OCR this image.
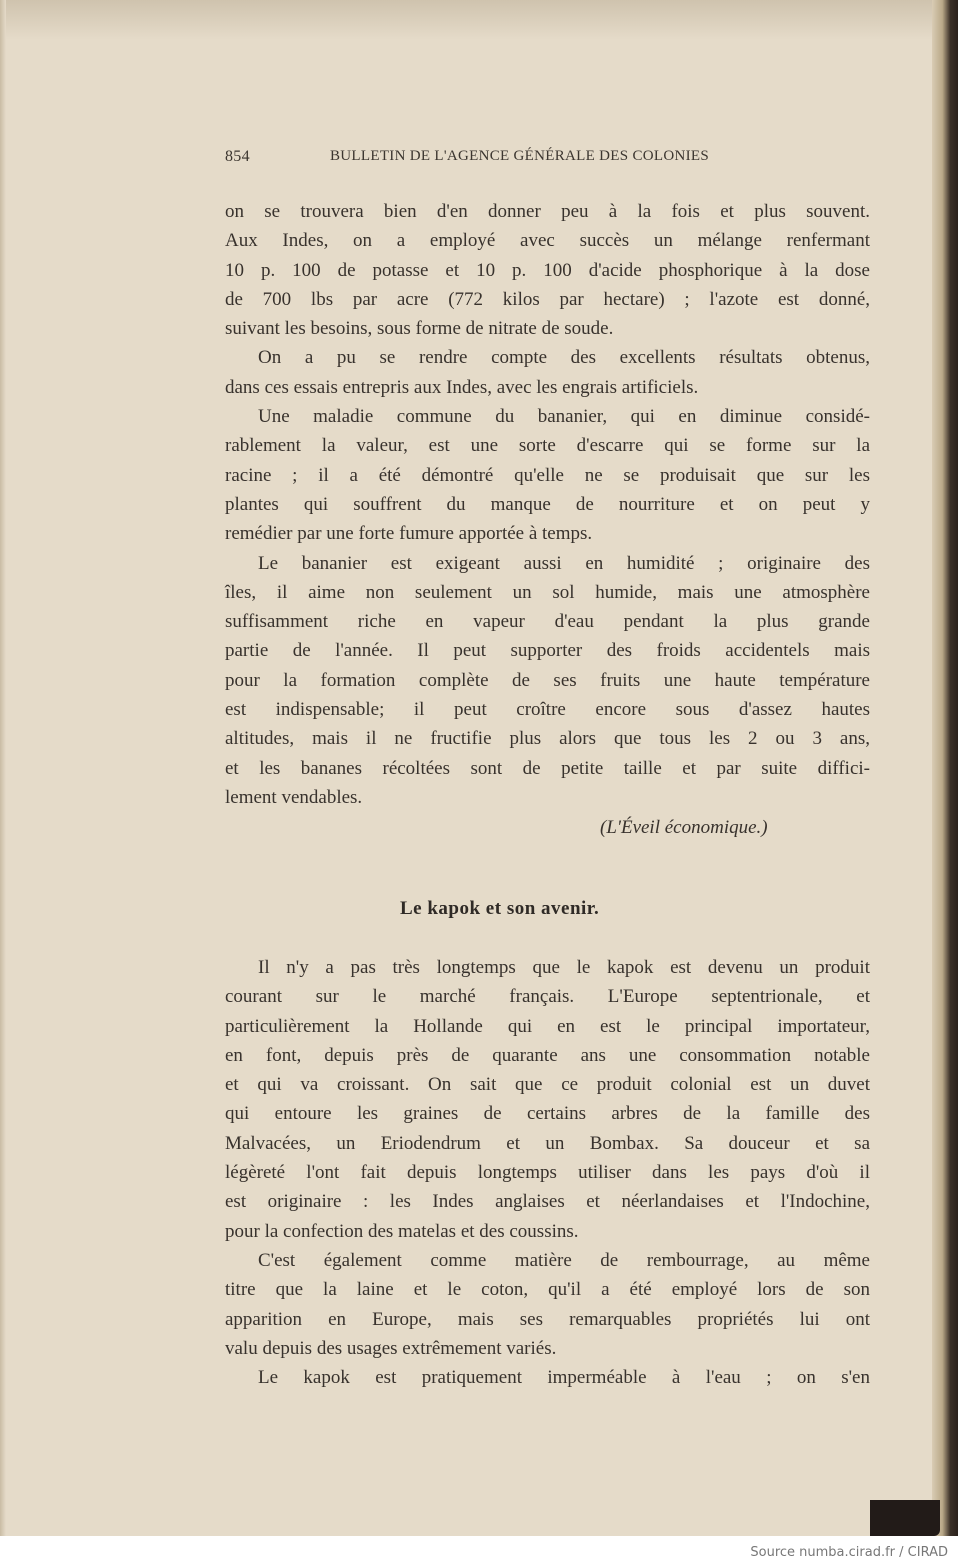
854	BULLETIN DE L'AGENCE GÉNÉRALE DES COLONIES
on se trouvera bien d'en donner peu à la fois et plus souvent.
Aux Indes, on a employé avec succès un mélange renfermant
10 p. 100 de potasse et 10 p. 100 d'acide phosphorique à la dose
de 700 lbs par acre (772 kilos par hectare) ; l'azote est donné,
suivant les besoins, sous forme de nitrate de soude.
On a pu se rendre compte des excellents résultats obtenus,
dans ces essais entrepris aux Indes, avec les engrais artificiels.
Une maladie commune du bananier, qui en diminue considé-
rablement la valeur, est une sorte d'escarre qui se forme sur la
racine ; il a été démontré qu'elle ne se produisait que sur les
plantes qui souffrent du manque de nourriture et on peut y
remédier par une forte fumure apportée à temps.
Le bananier est exigeant aussi en humidité ; originaire des
îles, il aime non seulement un sol humide, mais une atmosphère
suffisamment riche en vapeur d'eau pendant la plus grande
partie de l'année. Il peut supporter des froids accidentels mais
pour la formation complète de ses fruits une haute température
est indispensable; il peut croître encore sous d'assez hautes
altitudes, mais il ne fructifie plus alors que tous les 2 ou 3 ans,
et les bananes récoltées sont de petite taille et par suite diffici-
lement vendables.
(L'Éveil économique.)
Le kapok et son avenir.
Il n'y a pas très longtemps que le kapok est devenu un produit
courant sur le marché français. L'Europe septentrionale, et
particulièrement la Hollande qui en est le principal importateur,
en font, depuis près de quarante ans une consommation notable
et qui va croissant. On sait que ce produit colonial est un duvet
qui entoure les graines de certains arbres de la famille des
Malvacées, un Eriodendrum et un Bombax. Sa douceur et sa
légèreté l'ont fait depuis longtemps utiliser dans les pays d'où il
est originaire : les Indes anglaises et néerlandaises et l'Indochine,
pour la confection des matelas et des coussins.
C'est également comme matière de rembourrage, au même
titre que la laine et le coton, qu'il a été employé lors de son
apparition en Europe, mais ses remarquables propriétés lui ont
valu depuis des usages extrêmement variés.
Le kapok est pratiquement imperméable à l'eau ; on s'en
Source numba.cirad.fr / CIRAD
